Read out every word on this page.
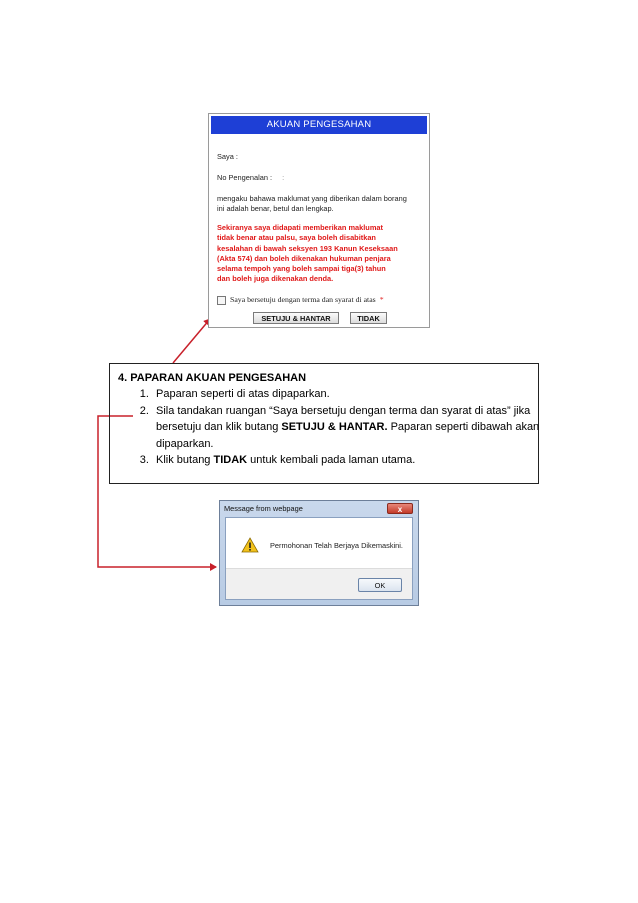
AKUAN PENGESAHAN
Saya :
No Pengenalan : :
mengaku bahawa maklumat yang diberikan dalam borang
ini adalah benar, betul dan lengkap.
Sekiranya saya didapati memberikan maklumat
tidak benar atau palsu, saya boleh disabitkan
kesalahan di bawah seksyen 193 Kanun Keseksaan
(Akta 574) dan boleh dikenakan hukuman penjara
selama tempoh yang boleh sampai tiga(3) tahun
dan boleh juga dikenakan denda.
Saya bersetuju dengan terma dan syarat di atas *
SETUJU & HANTAR	TIDAK
4. PAPARAN AKUAN PENGESAHAN
1. Paparan seperti di atas dipaparkan.
2. Sila tandakan ruangan “Saya bersetuju dengan terma dan syarat di atas” jika bersetuju dan klik butang SETUJU & HANTAR. Paparan seperti dibawah akan dipaparkan.
3. Klik butang TIDAK untuk kembali pada laman utama.
Message from webpage	x
Permohonan Telah Berjaya Dikemaskini.
OK
